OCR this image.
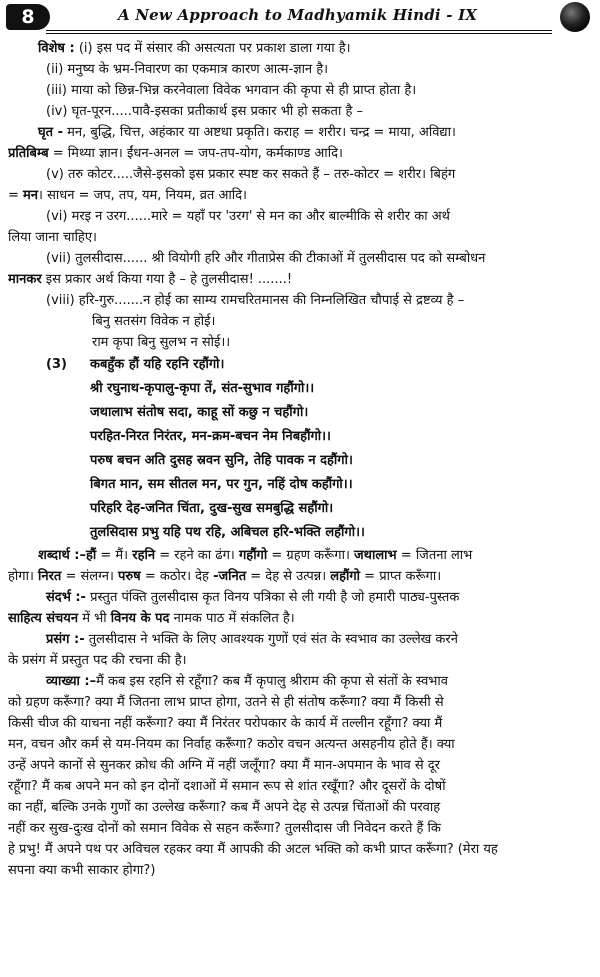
8	A New Approach to Madhyamik Hindi - IX
विशेष : (i) इस पद में संसार की असत्यता पर प्रकाश डाला गया है।
(ii) मनुष्य के भ्रम-निवारण का एकमात्र कारण आत्म-ज्ञान है।
(iii) माया को छिन्न-भिन्न करनेवाला विवेक भगवान की कृपा से ही प्राप्त होता है।
(iv) घृत-पूरन.....पावै-इसका प्रतीकार्थ इस प्रकार भी हो सकता है –
घृत - मन, बुद्धि, चित्त, अहंकार या अष्टधा प्रकृति। कराह = शरीर। चन्द्र = माया, अविद्या।
प्रतिबिम्ब = मिथ्या ज्ञान। ईंधन-अनल = जप-तप-योग, कर्मकाण्ड आदि।
(v) तरु कोटर.....जैसे-इसको इस प्रकार स्पष्ट कर सकते हैं – तरु-कोटर = शरीर। बिहंग
= मन। साधन = जप, तप, यम, नियम, व्रत आदि।
(vi) मरइ न उरग......मारे = यहाँ पर 'उरग' से मन का और बाल्मीकि से शरीर का अर्थ
लिया जाना चाहिए।
(vii) तुलसीदास...... श्री वियोगी हरि और गीताप्रेस की टीकाओं में तुलसीदास पद को सम्बोधन
मानकर इस प्रकार अर्थ किया गया है – हे तुलसीदास! .......!
(viii) हरि-गुरु.......न होई का साम्य रामचरितमानस की निम्नलिखित चौपाई से द्रष्टव्य है –
बिनु सतसंग विवेक न होई।
राम कृपा बिनु सुलभ न सोई।।
(3) कबहुँक हौं यहि रहनि रहौंगो।
श्री रघुनाथ-कृपालु-कृपा तें, संत-सुभाव गहौंगो।।
जथालाभ संतोष सदा, काहू सों कछु न चहौंगो।
परहित-निरत निरंतर, मन-क्रम-बचन नेम निबहौंगो।।
परुष बचन अति दुसह स्रवन सुनि, तेहि पावक न दहौंगो।
बिगत मान, सम सीतल मन, पर गुन, नहिं दोष कहौंगो।।
परिहरि देह-जनित चिंता, दुख-सुख समबुद्धि सहौंगो।
तुलसिदास प्रभु यहि पथ रहि, अबिचल हरि-भक्ति लहौंगो।।
शब्दार्थ :–हौं = मैं। रहनि = रहने का ढंग। गहौंगो = ग्रहण करूँगा। जथालाभ = जितना लाभ
होगा। निरत = संलग्न। परुष = कठोर। देह -जनित = देह से उत्पन्न। लहौंगो = प्राप्त करूँगा।
संदर्भ :- प्रस्तुत पंक्ति तुलसीदास कृत विनय पत्रिका से ली गयी है जो हमारी पाठ्य-पुस्तक
साहित्य संचयन में भी विनय के पद नामक पाठ में संकलित है।
प्रसंग :- तुलसीदास ने भक्ति के लिए आवश्यक गुणों एवं संत के स्वभाव का उल्लेख करने
के प्रसंग में प्रस्तुत पद की रचना की है।
व्याख्या :–मैं कब इस रहनि से रहूँगा? कब मैं कृपालु श्रीराम की कृपा से संतों के स्वभाव
को ग्रहण करूँगा? क्या मैं जितना लाभ प्राप्त होगा, उतने से ही संतोष करूँगा? क्या मैं किसी से
किसी चीज की याचना नहीं करूँगा? क्या मैं निरंतर परोपकार के कार्य में तल्लीन रहूँगा? क्या मैं
मन, वचन और कर्म से यम-नियम का निर्वाह करूँगा? कठोर वचन अत्यन्त असहनीय होते हैं। क्या
उन्हें अपने कानों से सुनकर क्रोध की अग्नि में नहीं जलूँगा? क्या मैं मान-अपमान के भाव से दूर
रहूँगा? मैं कब अपने मन को इन दोनों दशाओं में समान रूप से शांत रखूँगा? और दूसरों के दोषों
का नहीं, बल्कि उनके गुणों का उल्लेख करूँगा? कब मैं अपने देह से उत्पन्न चिंताओं की परवाह
नहीं कर सुख-दुःख दोनों को समान विवेक से सहन करूँगा? तुलसीदास जी निवेदन करते हैं कि
हे प्रभु! मैं अपने पथ पर अविचल रहकर क्या मैं आपकी की अटल भक्ति को कभी प्राप्त करूँगा? (मेरा यह
सपना क्या कभी साकार होगा?)
